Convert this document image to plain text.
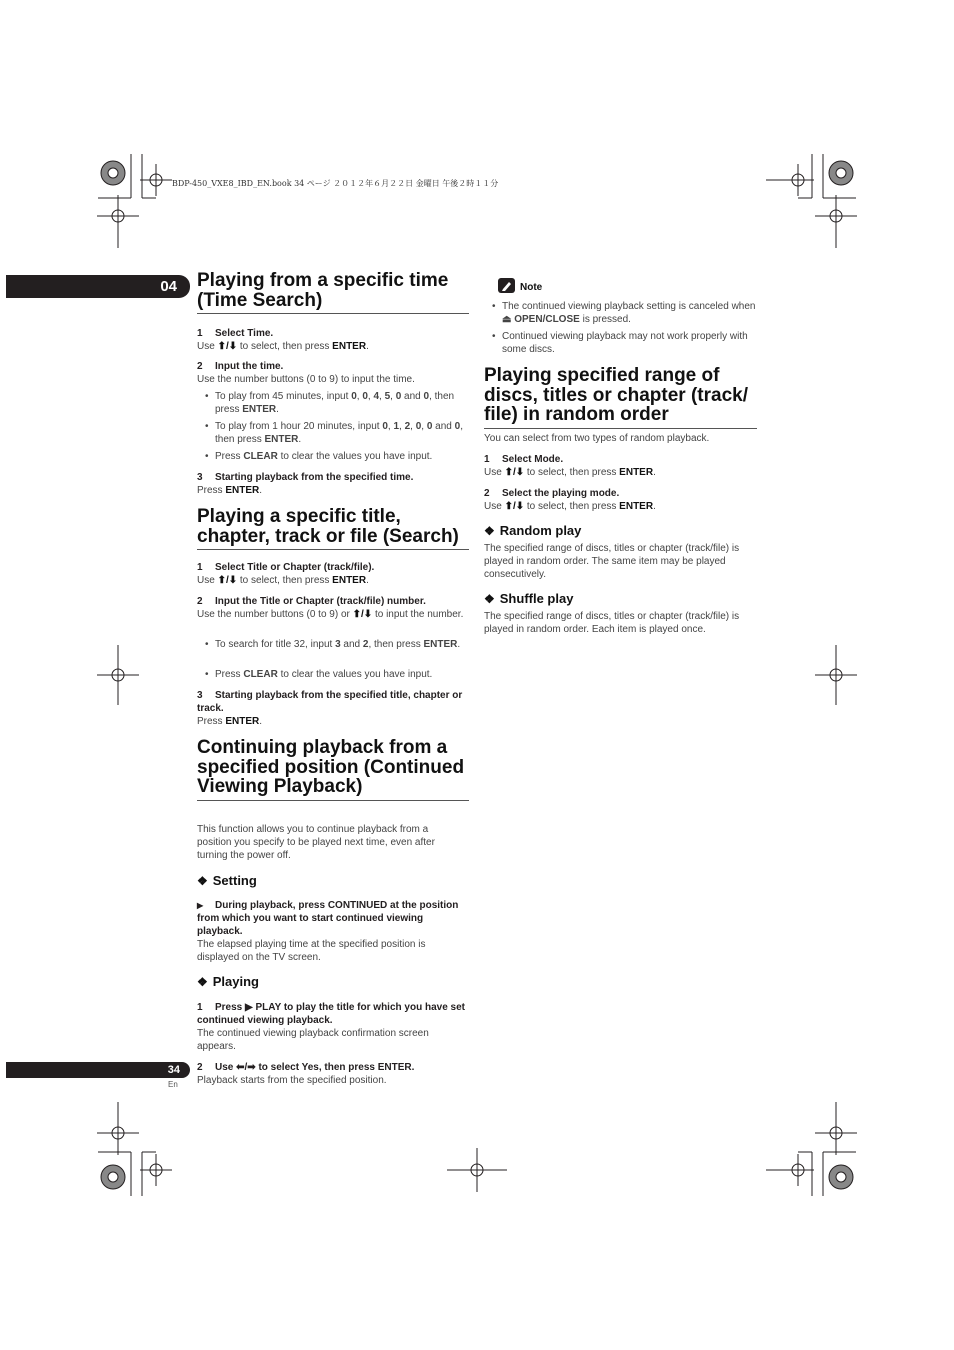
BDP-450_VXE8_IBD_EN.book 34 ページ ２０１２年６月２２日 金曜日 午後２時１１分
04
34
En
Playing from a specific time (Time Search)
1 Select Time.
Use ⬆/⬇ to select, then press ENTER.
2 Input the time.
Use the number buttons (0 to 9) to input the time.
• To play from 45 minutes, input 0, 0, 4, 5, 0 and 0, then press ENTER.
• To play from 1 hour 20 minutes, input 0, 1, 2, 0, 0 and 0, then press ENTER.
• Press CLEAR to clear the values you have input.
3 Starting playback from the specified time.
Press ENTER.
Playing a specific title, chapter, track or file (Search)
1 Select Title or Chapter (track/file).
Use ⬆/⬇ to select, then press ENTER.
2 Input the Title or Chapter (track/file) number.
Use the number buttons (0 to 9) or ⬆/⬇ to input the number.
• To search for title 32, input 3 and 2, then press ENTER.
• Press CLEAR to clear the values you have input.
3 Starting playback from the specified title, chapter or track.
Press ENTER.
Continuing playback from a specified position (Continued Viewing Playback)
This function allows you to continue playback from a position you specify to be played next time, even after turning the power off.
❖ Setting
▶ During playback, press CONTINUED at the position from which you want to start continued viewing playback.
The elapsed playing time at the specified position is displayed on the TV screen.
❖ Playing
1 Press ▶ PLAY to play the title for which you have set continued viewing playback.
The continued viewing playback confirmation screen appears.
2 Use ⬅/➡ to select Yes, then press ENTER.
Playback starts from the specified position.
Note
• The continued viewing playback setting is canceled when ⏏ OPEN/CLOSE is pressed.
• Continued viewing playback may not work properly with some discs.
Playing specified range of discs, titles or chapter (track/ file) in random order
You can select from two types of random playback.
1 Select Mode.
Use ⬆/⬇ to select, then press ENTER.
2 Select the playing mode.
Use ⬆/⬇ to select, then press ENTER.
❖ Random play
The specified range of discs, titles or chapter (track/file) is played in random order. The same item may be played consecutively.
❖ Shuffle play
The specified range of discs, titles or chapter (track/file) is played in random order. Each item is played once.
